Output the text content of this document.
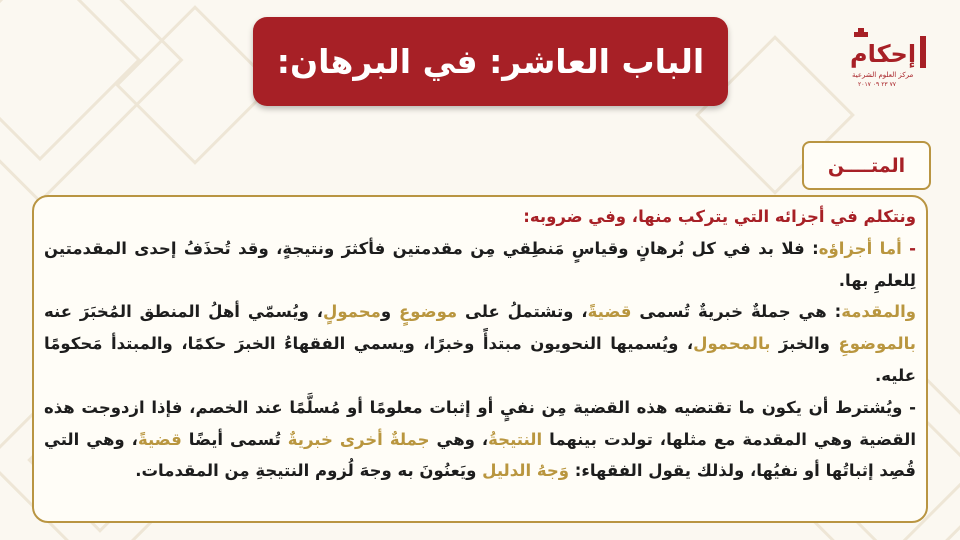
إحكام
مركز العلوم الشرعية
٧٧ ٢٣ ٠٩ ٢٠١٧
الباب العاشر: في البرهان:
المتــــن

ونتكلم في أجزائه التي يتركب منها، وفي ضروبه:

- أما أجزاؤه: فلا بد في كل بُرهانٍ وقياسٍ مَنطِقي مِن مقدمتين فأكثرَ ونتيجةٍ، وقد تُحذَفُ إحدى المقدمتين لِلعلمِ بها.

والمقدمة: هي جملةٌ خبريةٌ تُسمى قضيةً، وتشتملُ على موضوعٍ ومحمولٍ، ويُسمّي أهلُ المنطق المُخبَرَ عنه بالموضوعِ والخبرَ بالمحمول، ويُسميها النحويون مبتدأً وخبرًا، ويسمي الفقهاءُ الخبرَ حكمًا، والمبتدأ مَحكومًا عليه.

- ويُشترط أن يكون ما تقتضيه هذه القضية مِن نفيٍ أو إثبات معلومًا أو مُسلَّمًا عند الخصم، فإذا ازدوجت هذه القضية وهي المقدمة مع مثلها، تولدت بينهما النتيجةُ، وهي جملةٌ أخرى خبريةٌ تُسمى أيضًا قضيةً، وهي التي قُصِد إثباتُها أو نفيُها، ولذلك يقول الفقهاء: وَجهُ الدليل ويَعنُونَ به وجهَ لُزوم النتيجةِ مِن المقدمات.
